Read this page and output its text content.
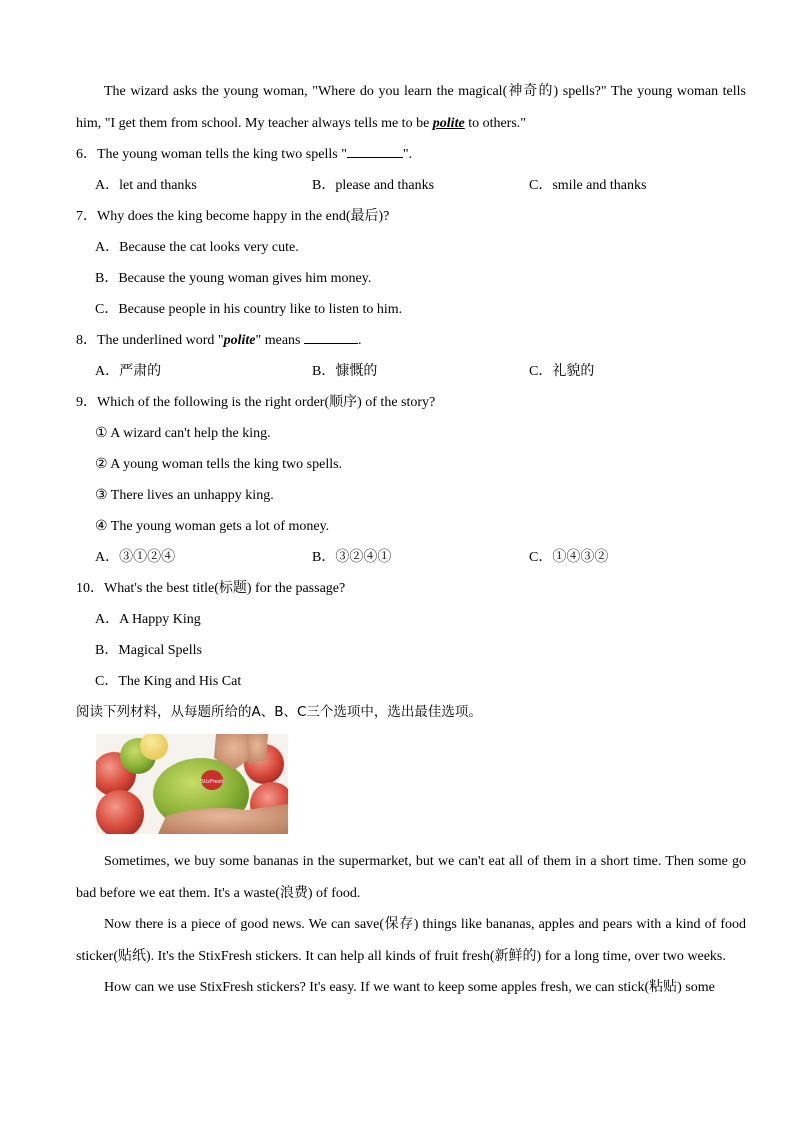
The wizard asks the young woman, "Where do you learn the magical(神奇的) spells?" The young woman tells him, "I get them from school. My teacher always tells me to be polite to others."

6．The young woman tells the king two spells "	".
A．let and thanks	B．please and thanks	C．smile and thanks
7．Why does the king become happy in the end(最后)?
A．Because the cat looks very cute.
B．Because the young woman gives him money.
C．Because people in his country like to listen to him.
8．The underlined word "polite" means	.
A．严肃的	B．慷慨的	C．礼貌的
9．Which of the following is the right order(顺序) of the story?
① A wizard can't help the king.
② A young woman tells the king two spells.
③ There lives an unhappy king.
④ The young woman gets a lot of money.
A．③①②④	B．③②④①	C．①④③②
10．What's the best title(标题) for the passage?
A．A Happy King
B．Magical Spells
C．The King and His Cat
阅读下列材料，从每题所给的A、B、C三个选项中，选出最佳选项。
StixFresh

Sometimes, we buy some bananas in the supermarket, but we can't eat all of them in a short time. Then some go bad before we eat them. It's a waste(浪费) of food.

Now there is a piece of good news. We can save(保存) things like bananas, apples and pears with a kind of food sticker(贴纸). It's the StixFresh stickers. It can help all kinds of fruit fresh(新鲜的) for a long time, over two weeks.

How can we use StixFresh stickers? It's easy. If we want to keep some apples fresh, we can stick(粘贴) some
